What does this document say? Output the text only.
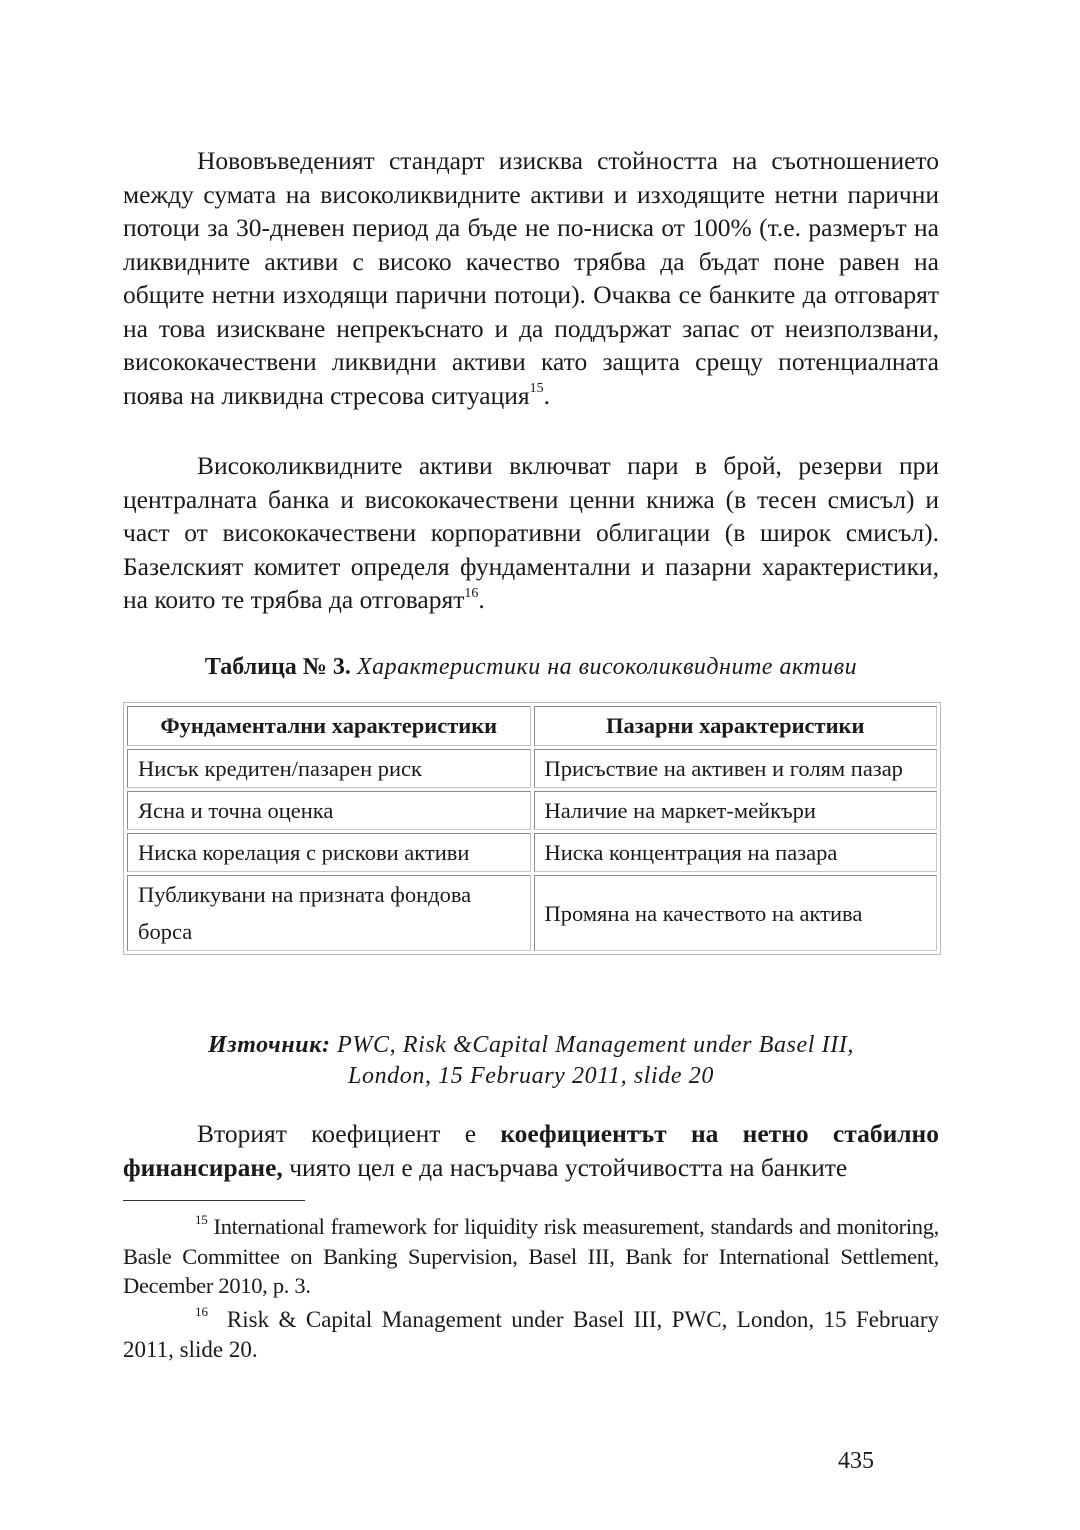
Нововъведеният стандарт изисква стойността на съотношението между сумата на високоликвидните активи и изходящите нетни парични потоци за 30-дневен период да бъде не по-ниска от 100% (т.е. размерът на ликвидните активи с високо качество трябва да бъдат поне равен на общите нетни изходящи парични потоци). Очаква се банките да отговарят на това изискване непрекъснато и да поддържат запас от неизползвани, висококачествени ликвидни активи като защита срещу потенциалната поява на ликвидна стресова ситуация$^{15}$.

Високоликвидните активи включват пари в брой, резерви при централната банка и висококачествени ценни книжа (в тесен смисъл) и част от висококачествени корпоративни облигации (в широк смисъл). Базелският комитет определя фундаментални и пазарни характеристики, на които те трябва да отговарят$^{16}$.

Таблица № 3. Характеристики на високоликвидните активи

Фундаментални характеристики	Пазарни характеристики
Нисък кредитен/пазарен риск	Присъствие на активен и голям пазар
Ясна и точна оценка	Наличие на маркет-мейкъри
Ниска корелация с рискови активи	Ниска концентрация на пазара
Публикувани на призната фондова борса	Промяна на качеството на актива

Източник: PWC, Risk &Capital Management under Basel III,
London, 15 February 2011, slide 20

Вторият коефициент е коефициентът на нетно стабилно финансиране, чиято цел е да насърчава устойчивостта на банките

$^{15}$ International framework for liquidity risk measurement, standards and monitoring, Basle Committee on Banking Supervision, Basel III, Bank for International Settlement, December 2010, p. 3.

$^{16}$ Risk & Capital Management under Basel III, PWC, London, 15 February 2011, slide 20.

435
